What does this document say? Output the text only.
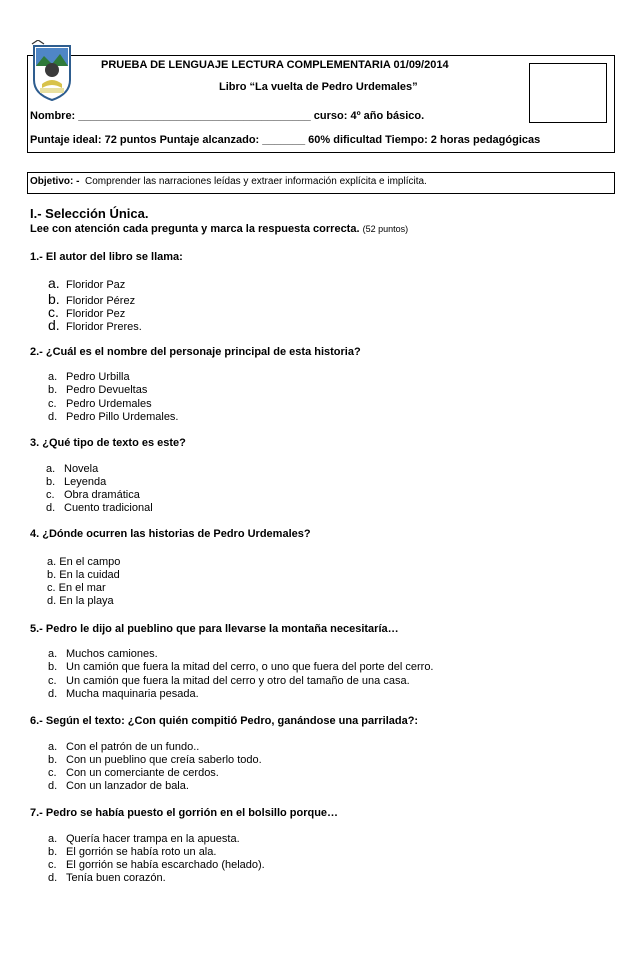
PRUEBA DE LENGUAJE LECTURA COMPLEMENTARIA 01/09/2014
Libro “La vuelta de Pedro Urdemales”
Nombre: ______________________________________ curso: 4º año básico.
Puntaje ideal: 72 puntos Puntaje alcanzado: _______ 60% dificultad Tiempo: 2 horas pedagógicas
Objetivo: - Comprender las narraciones leídas y extraer información explícita e implícita.
I.- Selección Única.
Lee con atención cada pregunta y marca la respuesta correcta. (52 puntos)
1.- El autor del libro se llama:
a. Floridor Paz
b. Floridor Pérez
c. Floridor Pez
d. Floridor Preres.
2.- ¿Cuál es el nombre del personaje principal de esta historia?
a. Pedro Urbilla
b. Pedro Devueltas
c. Pedro Urdemales
d. Pedro Pillo Urdemales.
3. ¿Qué tipo de texto es este?
a. Novela
b. Leyenda
c. Obra dramática
d. Cuento tradicional
4. ¿Dónde ocurren las historias de Pedro Urdemales?
a. En el campo
b. En la cuidad
c. En el mar
d. En la playa
5.- Pedro le dijo al pueblino que para llevarse la montaña necesitaría…
a. Muchos camiones.
b. Un camión que fuera la mitad del cerro, o uno que fuera del porte del cerro.
c. Un camión que fuera la mitad del cerro y otro del tamaño de una casa.
d. Mucha maquinaria pesada.
6.- Según el texto: ¿Con quién compitió Pedro, ganándose una parrilada?:
a. Con el patrón de un fundo..
b. Con un pueblino que creía saberlo todo.
c. Con un comerciante de cerdos.
d. Con un lanzador de bala.
7.- Pedro se había puesto el gorrión en el bolsillo porque…
a. Quería hacer trampa en la apuesta.
b. El gorrión se había roto un ala.
c. El gorrión se había escarchado (helado).
d. Tenía buen corazón.
